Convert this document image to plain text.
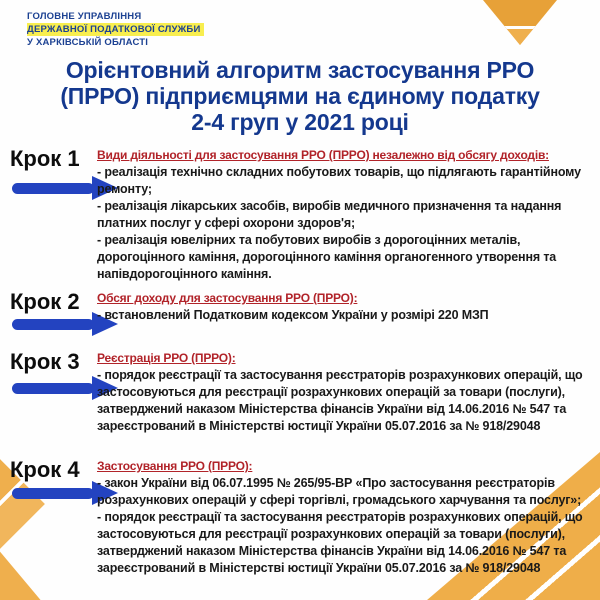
ГОЛОВНЕ УПРАВЛІННЯ
ДЕРЖАВНОЇ ПОДАТКОВОЇ СЛУЖБИ
У ХАРКІВСЬКІЙ ОБЛАСТІ
Орієнтовний алгоритм застосування РРО
(ПРРО) підприємцями на єдиному податку
2-4 груп у 2021 році
Крок 1 Види діяльності для застосування РРО (ПРРО) незалежно від обсягу доходів:
- реалізація технічно складних побутових товарів, що підлягають гарантійному ремонту;
- реалізація лікарських засобів, виробів медичного призначення та надання платних послуг у сфері охорони здоров'я;
- реалізація ювелірних та побутових виробів з дорогоцінних металів, дорогоцінного каміння, дорогоцінного каміння органогенного утворення та напівдорогоцінного каміння.
Крок 2 Обсяг доходу для застосування РРО (ПРРО):
- встановлений Податковим кодексом України у розмірі 220 МЗП
Крок 3 Реєстрація РРО (ПРРО):
- порядок реєстрації та застосування реєстраторів розрахункових операцій, що застосовуються для реєстрації розрахункових операцій за товари (послуги), затверджений наказом Міністерства фінансів України від 14.06.2016 № 547 та зареєстрований в Міністерстві юстиції України 05.07.2016 за № 918/29048
Крок 4 Застосування РРО (ПРРО):
- закон України від 06.07.1995 № 265/95-ВР «Про застосування реєстраторів розрахункових операцій у сфері торгівлі, громадського харчування та послуг»;
- порядок реєстрації та застосування реєстраторів розрахункових операцій, що застосовуються для реєстрації розрахункових операцій за товари (послуги), затверджений наказом Міністерства фінансів України від 14.06.2016 № 547 та зареєстрований в Міністерстві юстиції України 05.07.2016 за № 918/29048
